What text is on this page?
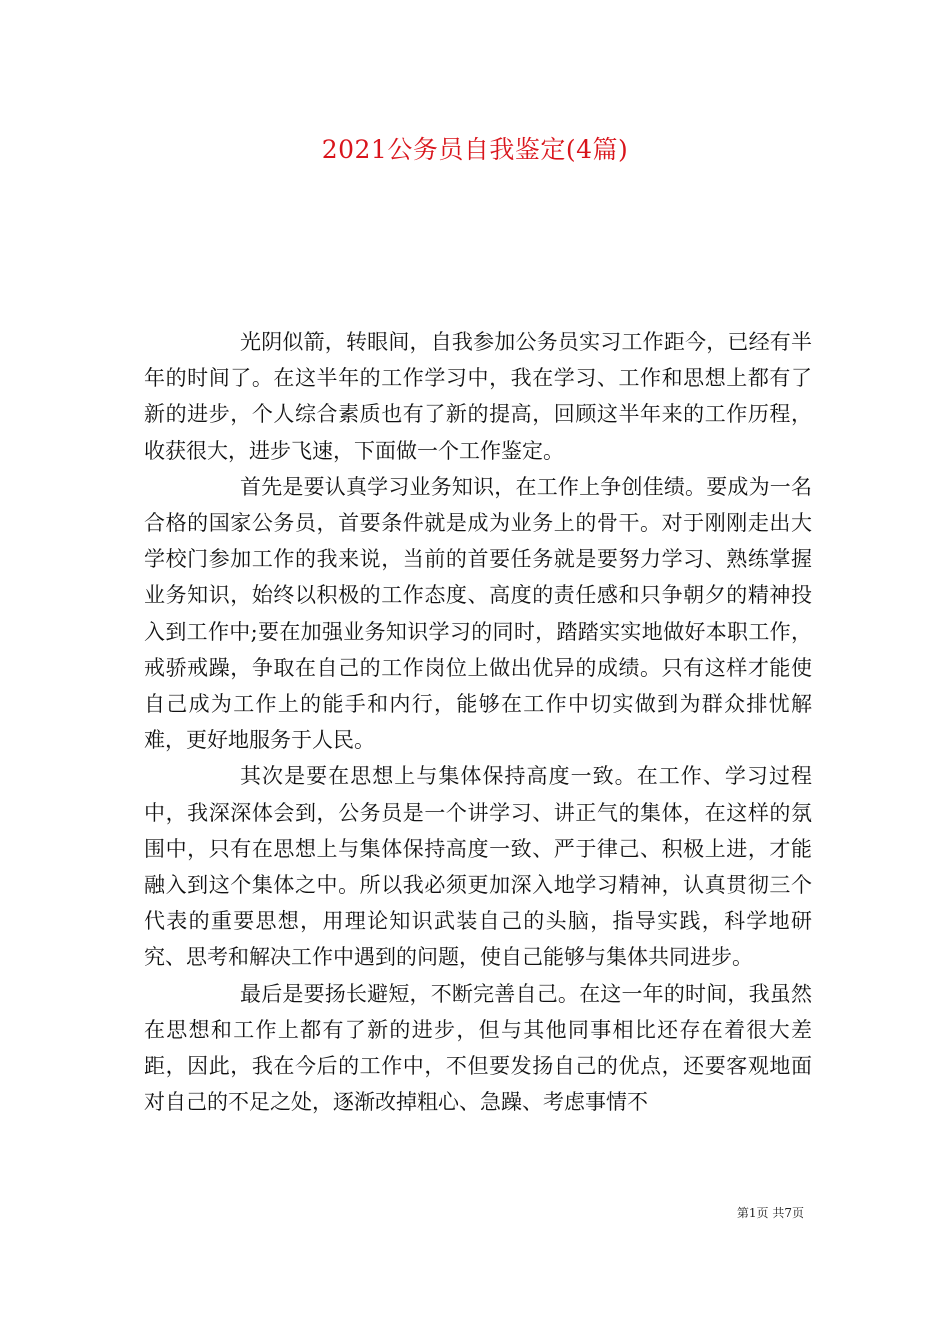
2021公务员自我鉴定(4篇)

光阴似箭，转眼间，自我参加公务员实习工作距今，已经有半年的时间了。在这半年的工作学习中，我在学习、工作和思想上都有了新的进步，个人综合素质也有了新的提高，回顾这半年来的工作历程，收获很大，进步飞速，下面做一个工作鉴定。

首先是要认真学习业务知识，在工作上争创佳绩。要成为一名合格的国家公务员，首要条件就是成为业务上的骨干。对于刚刚走出大学校门参加工作的我来说，当前的首要任务就是要努力学习、熟练掌握业务知识，始终以积极的工作态度、高度的责任感和只争朝夕的精神投入到工作中;要在加强业务知识学习的同时，踏踏实实地做好本职工作，戒骄戒躁，争取在自己的工作岗位上做出优异的成绩。只有这样才能使自己成为工作上的能手和内行，能够在工作中切实做到为群众排忧解难，更好地服务于人民。

其次是要在思想上与集体保持高度一致。在工作、学习过程中，我深深体会到，公务员是一个讲学习、讲正气的集体，在这样的氛围中，只有在思想上与集体保持高度一致、严于律己、积极上进，才能融入到这个集体之中。所以我必须更加深入地学习精神，认真贯彻三个代表的重要思想，用理论知识武装自己的头脑，指导实践，科学地研究、思考和解决工作中遇到的问题，使自己能够与集体共同进步。

最后是要扬长避短，不断完善自己。在这一年的时间，我虽然在思想和工作上都有了新的进步，但与其他同事相比还存在着很大差距，因此，我在今后的工作中，不但要发扬自己的优点，还要客观地面对自己的不足之处，逐渐改掉粗心、急躁、考虑事情不

第1页 共7页
